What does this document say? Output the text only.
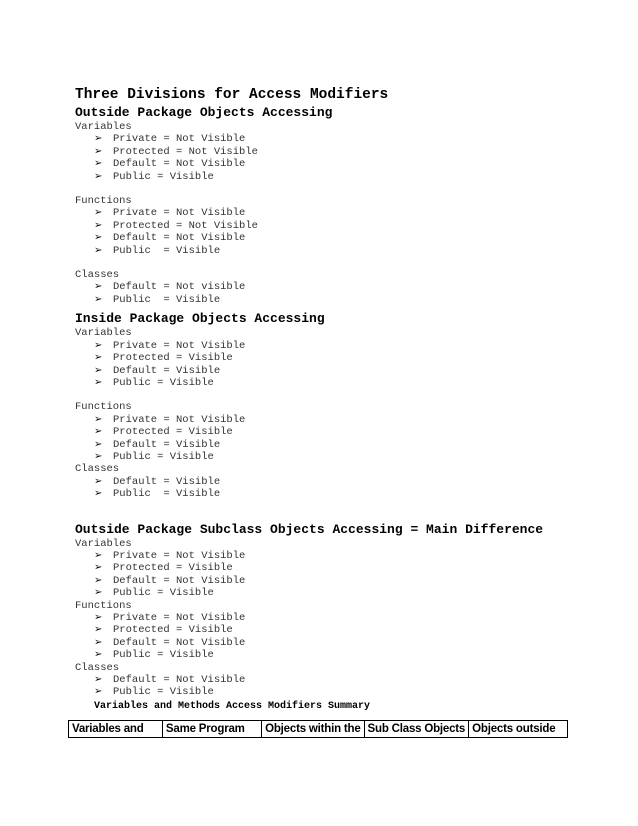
Three Divisions for Access Modifiers
Outside Package Objects Accessing
Variables
➢ Private = Not Visible
➢ Protected = Not Visible
➢ Default = Not Visible
➢ Public = Visible
Functions
➢ Private = Not Visible
➢ Protected = Not Visible
➢ Default = Not Visible
➢ Public  = Visible
Classes
➢ Default = Not visible
➢ Public  = Visible
Inside Package Objects Accessing
Variables
➢ Private = Not Visible
➢ Protected = Visible
➢ Default = Visible
➢ Public = Visible
Functions
➢ Private = Not Visible
➢ Protected = Visible
➢ Default = Visible
➢ Public = Visible
Classes
➢ Default = Visible
➢ Public  = Visible
Outside Package Subclass Objects Accessing = Main Difference
Variables
➢ Private = Not Visible
➢ Protected = Visible
➢ Default = Not Visible
➢ Public = Visible
Functions
➢ Private = Not Visible
➢ Protected = Visible
➢ Default = Not Visible
➢ Public = Visible
Classes
➢ Default = Not Visible
➢ Public = Visible
Variables and Methods Access Modifiers Summary
Variables and	Same Program	Objects within the	Sub Class Objects	Objects outside
